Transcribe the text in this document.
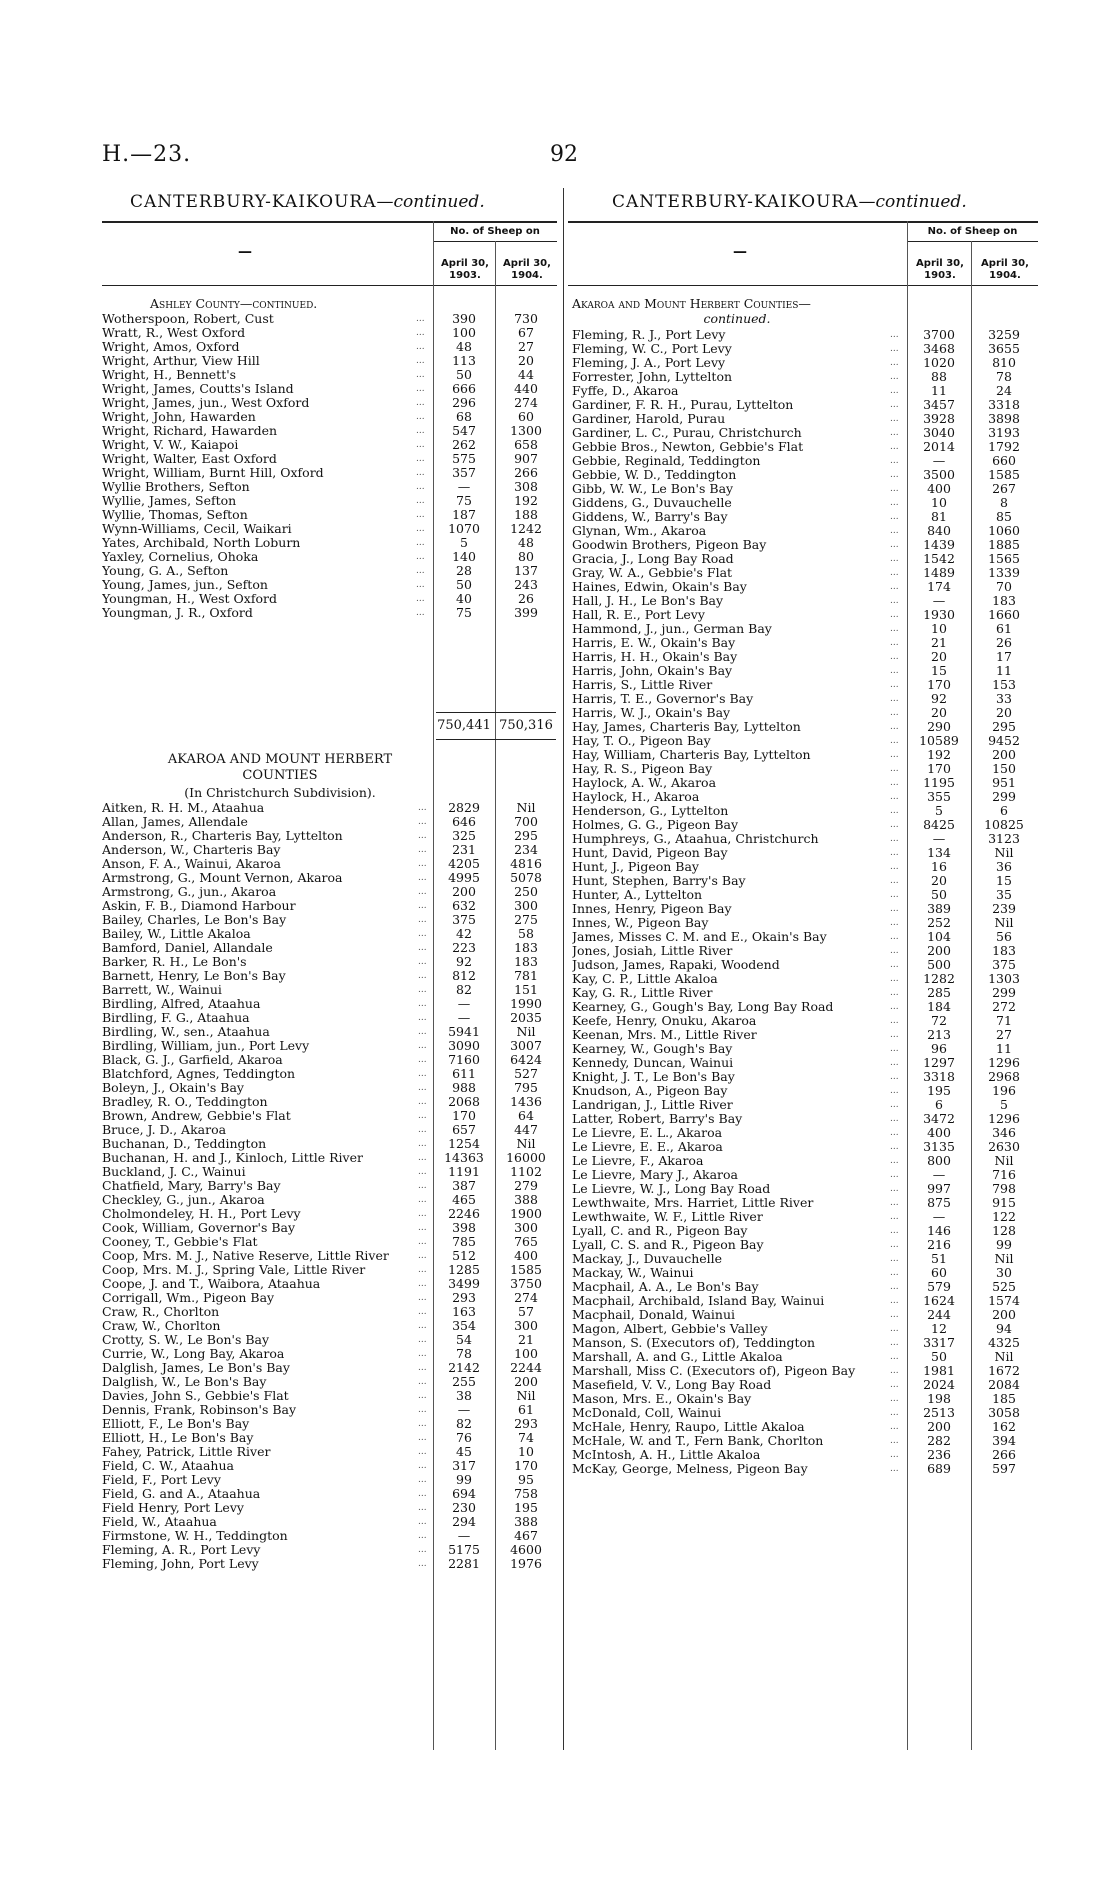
H.—23.	92
CANTERBURY-KAIKOURA—continued.
—
No. of Sheep on
April 30, 1903.
April 30, 1904.
Ashley County—continued.
Wotherspoon, Robert, Cust	...	390	730
Wratt, R., West Oxford	...	100	67
Wright, Amos, Oxford	...	48	27
Wright, Arthur, View Hill	...	113	20
Wright, H., Bennett's	...	50	44
Wright, James, Coutts's Island	...	666	440
Wright, James, jun., West Oxford	...	296	274
Wright, John, Hawarden	...	68	60
Wright, Richard, Hawarden	...	547	1300
Wright, V. W., Kaiapoi	...	262	658
Wright, Walter, East Oxford	...	575	907
Wright, William, Burnt Hill, Oxford	...	357	266
Wyllie Brothers, Sefton	...	—	308
Wyllie, James, Sefton	...	75	192
Wyllie, Thomas, Sefton	...	187	188
Wynn-Williams, Cecil, Waikari	...	1070	1242
Yates, Archibald, North Loburn	...	5	48
Yaxley, Cornelius, Ohoka	...	140	80
Young, G. A., Sefton	...	28	137
Young, James, jun., Sefton	...	50	243
Youngman, H., West Oxford	...	40	26
Youngman, J. R., Oxford	...	75	399
750,441 750,316
AKAROA AND MOUNT HERBERT
COUNTIES
(In Christchurch Subdivision).
Aitken, R. H. M., Ataahua	...	2829	Nil
Allan, James, Allendale	...	646	700
Anderson, R., Charteris Bay, Lyttelton	...	325	295
Anderson, W., Charteris Bay	...	231	234
Anson, F. A., Wainui, Akaroa	...	4205	4816
Armstrong, G., Mount Vernon, Akaroa	...	4995	5078
Armstrong, G., jun., Akaroa	...	200	250
Askin, F. B., Diamond Harbour	...	632	300
Bailey, Charles, Le Bon's Bay	...	375	275
Bailey, W., Little Akaloa	...	42	58
Bamford, Daniel, Allandale	...	223	183
Barker, R. H., Le Bon's	...	92	183
Barnett, Henry, Le Bon's Bay	...	812	781
Barrett, W., Wainui	...	82	151
Birdling, Alfred, Ataahua	...	—	1990
Birdling, F. G., Ataahua	...	—	2035
Birdling, W., sen., Ataahua	...	5941	Nil
Birdling, William, jun., Port Levy	...	3090	3007
Black, G. J., Garfield, Akaroa	...	7160	6424
Blatchford, Agnes, Teddington	...	611	527
Boleyn, J., Okain's Bay	...	988	795
Bradley, R. O., Teddington	...	2068	1436
Brown, Andrew, Gebbie's Flat	...	170	64
Bruce, J. D., Akaroa	...	657	447
Buchanan, D., Teddington	...	1254	Nil
Buchanan, H. and J., Kinloch, Little River	...	14363	16000
Buckland, J. C., Wainui	...	1191	1102
Chatfield, Mary, Barry's Bay	...	387	279
Checkley, G., jun., Akaroa	...	465	388
Cholmondeley, H. H., Port Levy	...	2246	1900
Cook, William, Governor's Bay	...	398	300
Cooney, T., Gebbie's Flat	...	785	765
Coop, Mrs. M. J., Native Reserve, Little River	...	512	400
Coop, Mrs. M. J., Spring Vale, Little River	...	1285	1585
Coope, J. and T., Waibora, Ataahua	...	3499	3750
Corrigall, Wm., Pigeon Bay	...	293	274
Craw, R., Chorlton	...	163	57
Craw, W., Chorlton	...	354	300
Crotty, S. W., Le Bon's Bay	...	54	21
Currie, W., Long Bay, Akaroa	...	78	100
Dalglish, James, Le Bon's Bay	...	2142	2244
Dalglish, W., Le Bon's Bay	...	255	200
Davies, John S., Gebbie's Flat	...	38	Nil
Dennis, Frank, Robinson's Bay	...	—	61
Elliott, F., Le Bon's Bay	...	82	293
Elliott, H., Le Bon's Bay	...	76	74
Fahey, Patrick, Little River	...	45	10
Field, C. W., Ataahua	...	317	170
Field, F., Port Levy	...	99	95
Field, G. and A., Ataahua	...	694	758
Field Henry, Port Levy	...	230	195
Field, W., Ataahua	...	294	388
Firmstone, W. H., Teddington	...	—	467
Fleming, A. R., Port Levy	...	5175	4600
Fleming, John, Port Levy	...	2281	1976
CANTERBURY-KAIKOURA—continued.
—
No. of Sheep on
April 30, 1903.
April 30, 1904.
Akaroa and Mount Herbert Counties—
continued.
Fleming, R. J., Port Levy	...	3700	3259
Fleming, W. C., Port Levy	...	3468	3655
Fleming, J. A., Port Levy	...	1020	810
Forrester, John, Lyttelton	...	88	78
Fyffe, D., Akaroa	...	11	24
Gardiner, F. R. H., Purau, Lyttelton	...	3457	3318
Gardiner, Harold, Purau	...	3928	3898
Gardiner, L. C., Purau, Christchurch	...	3040	3193
Gebbie Bros., Newton, Gebbie's Flat	...	2014	1792
Gebbie, Reginald, Teddington	...	—	660
Gebbie, W. D., Teddington	...	3500	1585
Gibb, W. W., Le Bon's Bay	...	400	267
Giddens, G., Duvauchelle	...	10	8
Giddens, W., Barry's Bay	...	81	85
Glynan, Wm., Akaroa	...	840	1060
Goodwin Brothers, Pigeon Bay	...	1439	1885
Gracia, J., Long Bay Road	...	1542	1565
Gray, W. A., Gebbie's Flat	...	1489	1339
Haines, Edwin, Okain's Bay	...	174	70
Hall, J. H., Le Bon's Bay	...	—	183
Hall, R. E., Port Levy	...	1930	1660
Hammond, J., jun., German Bay	...	10	61
Harris, E. W., Okain's Bay	...	21	26
Harris, H. H., Okain's Bay	...	20	17
Harris, John, Okain's Bay	...	15	11
Harris, S., Little River	...	170	153
Harris, T. E., Governor's Bay	...	92	33
Harris, W. J., Okain's Bay	...	20	20
Hay, James, Charteris Bay, Lyttelton	...	290	295
Hay, T. O., Pigeon Bay	...	10589	9452
Hay, William, Charteris Bay, Lyttelton	...	192	200
Hay, R. S., Pigeon Bay	...	170	150
Haylock, A. W., Akaroa	...	1195	951
Haylock, H., Akaroa	...	355	299
Henderson, G., Lyttelton	...	5	6
Holmes, G. G., Pigeon Bay	...	8425	10825
Humphreys, G., Ataahua, Christchurch	...	—	3123
Hunt, David, Pigeon Bay	...	134	Nil
Hunt, J., Pigeon Bay	...	16	36
Hunt, Stephen, Barry's Bay	...	20	15
Hunter, A., Lyttelton	...	50	35
Innes, Henry, Pigeon Bay	...	389	239
Innes, W., Pigeon Bay	...	252	Nil
James, Misses C. M. and E., Okain's Bay	...	104	56
Jones, Josiah, Little River	...	200	183
Judson, James, Rapaki, Woodend	...	500	375
Kay, C. P., Little Akaloa	...	1282	1303
Kay, G. R., Little River	...	285	299
Kearney, G., Gough's Bay, Long Bay Road	...	184	272
Keefe, Henry, Onuku, Akaroa	...	72	71
Keenan, Mrs. M., Little River	...	213	27
Kearney, W., Gough's Bay	...	96	11
Kennedy, Duncan, Wainui	...	1297	1296
Knight, J. T., Le Bon's Bay	...	3318	2968
Knudson, A., Pigeon Bay	...	195	196
Landrigan, J., Little River	...	6	5
Latter, Robert, Barry's Bay	...	3472	1296
Le Lievre, E. L., Akaroa	...	400	346
Le Lievre, E. E., Akaroa	...	3135	2630
Le Lievre, F., Akaroa	...	800	Nil
Le Lievre, Mary J., Akaroa	...	—	716
Le Lievre, W. J., Long Bay Road	...	997	798
Lewthwaite, Mrs. Harriet, Little River	...	875	915
Lewthwaite, W. F., Little River	...	—	122
Lyall, C. and R., Pigeon Bay	...	146	128
Lyall, C. S. and R., Pigeon Bay	...	216	99
Mackay, J., Duvauchelle	...	51	Nil
Mackay, W., Wainui	...	60	30
Macphail, A. A., Le Bon's Bay	...	579	525
Macphail, Archibald, Island Bay, Wainui	...	1624	1574
Macphail, Donald, Wainui	...	244	200
Magon, Albert, Gebbie's Valley	...	12	94
Manson, S. (Executors of), Teddington	...	3317	4325
Marshall, A. and G., Little Akaloa	...	50	Nil
Marshall, Miss C. (Executors of), Pigeon Bay	...	1981	1672
Masefield, V. V., Long Bay Road	...	2024	2084
Mason, Mrs. E., Okain's Bay	...	198	185
McDonald, Coll, Wainui	...	2513	3058
McHale, Henry, Raupo, Little Akaloa	...	200	162
McHale, W. and T., Fern Bank, Chorlton	...	282	394
McIntosh, A. H., Little Akaloa	...	236	266
McKay, George, Melness, Pigeon Bay	...	689	597
